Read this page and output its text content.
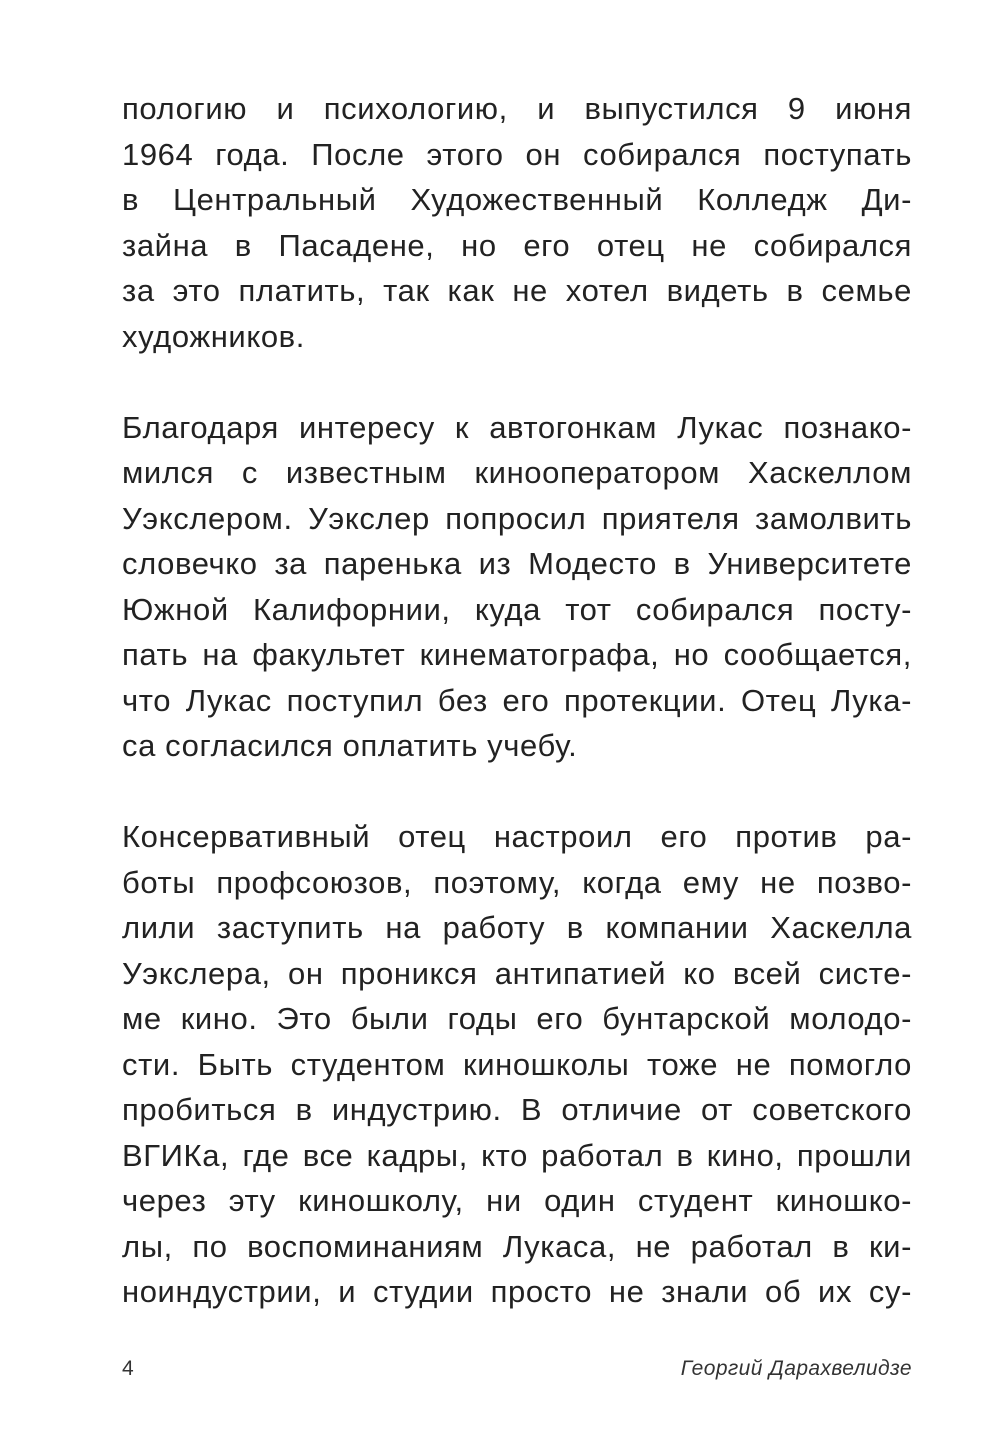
пологию и психологию, и выпустился 9 июня
1964 года. После этого он собирался поступать
в Центральный Художественный Колледж Ди-
зайна в Пасадене, но его отец не собирался
за это платить, так как не хотел видеть в семье
художников.

Благодаря интересу к автогонкам Лукас познако-
мился с известным кинооператором Хаскеллом
Уэкслером. Уэкслер попросил приятеля замолвить
словечко за паренька из Модесто в Университете
Южной Калифорнии, куда тот собирался посту-
пать на факультет кинематографа, но сообщается,
что Лукас поступил без его протекции. Отец Лука-
са согласился оплатить учебу.

Консервативный отец настроил его против ра-
боты профсоюзов, поэтому, когда ему не позво-
лили заступить на работу в компании Хаскелла
Уэкслера, он проникся антипатией ко всей систе-
ме кино. Это были годы его бунтарской молодо-
сти. Быть студентом киношколы тоже не помогло
пробиться в индустрию. В отличие от советского
ВГИКа, где все кадры, кто работал в кино, прошли
через эту киношколу, ни один студент киношко-
лы, по воспоминаниям Лукаса, не работал в ки-
ноиндустрии, и студии просто не знали об их су-

4	Георгий Дарахвелидзе
